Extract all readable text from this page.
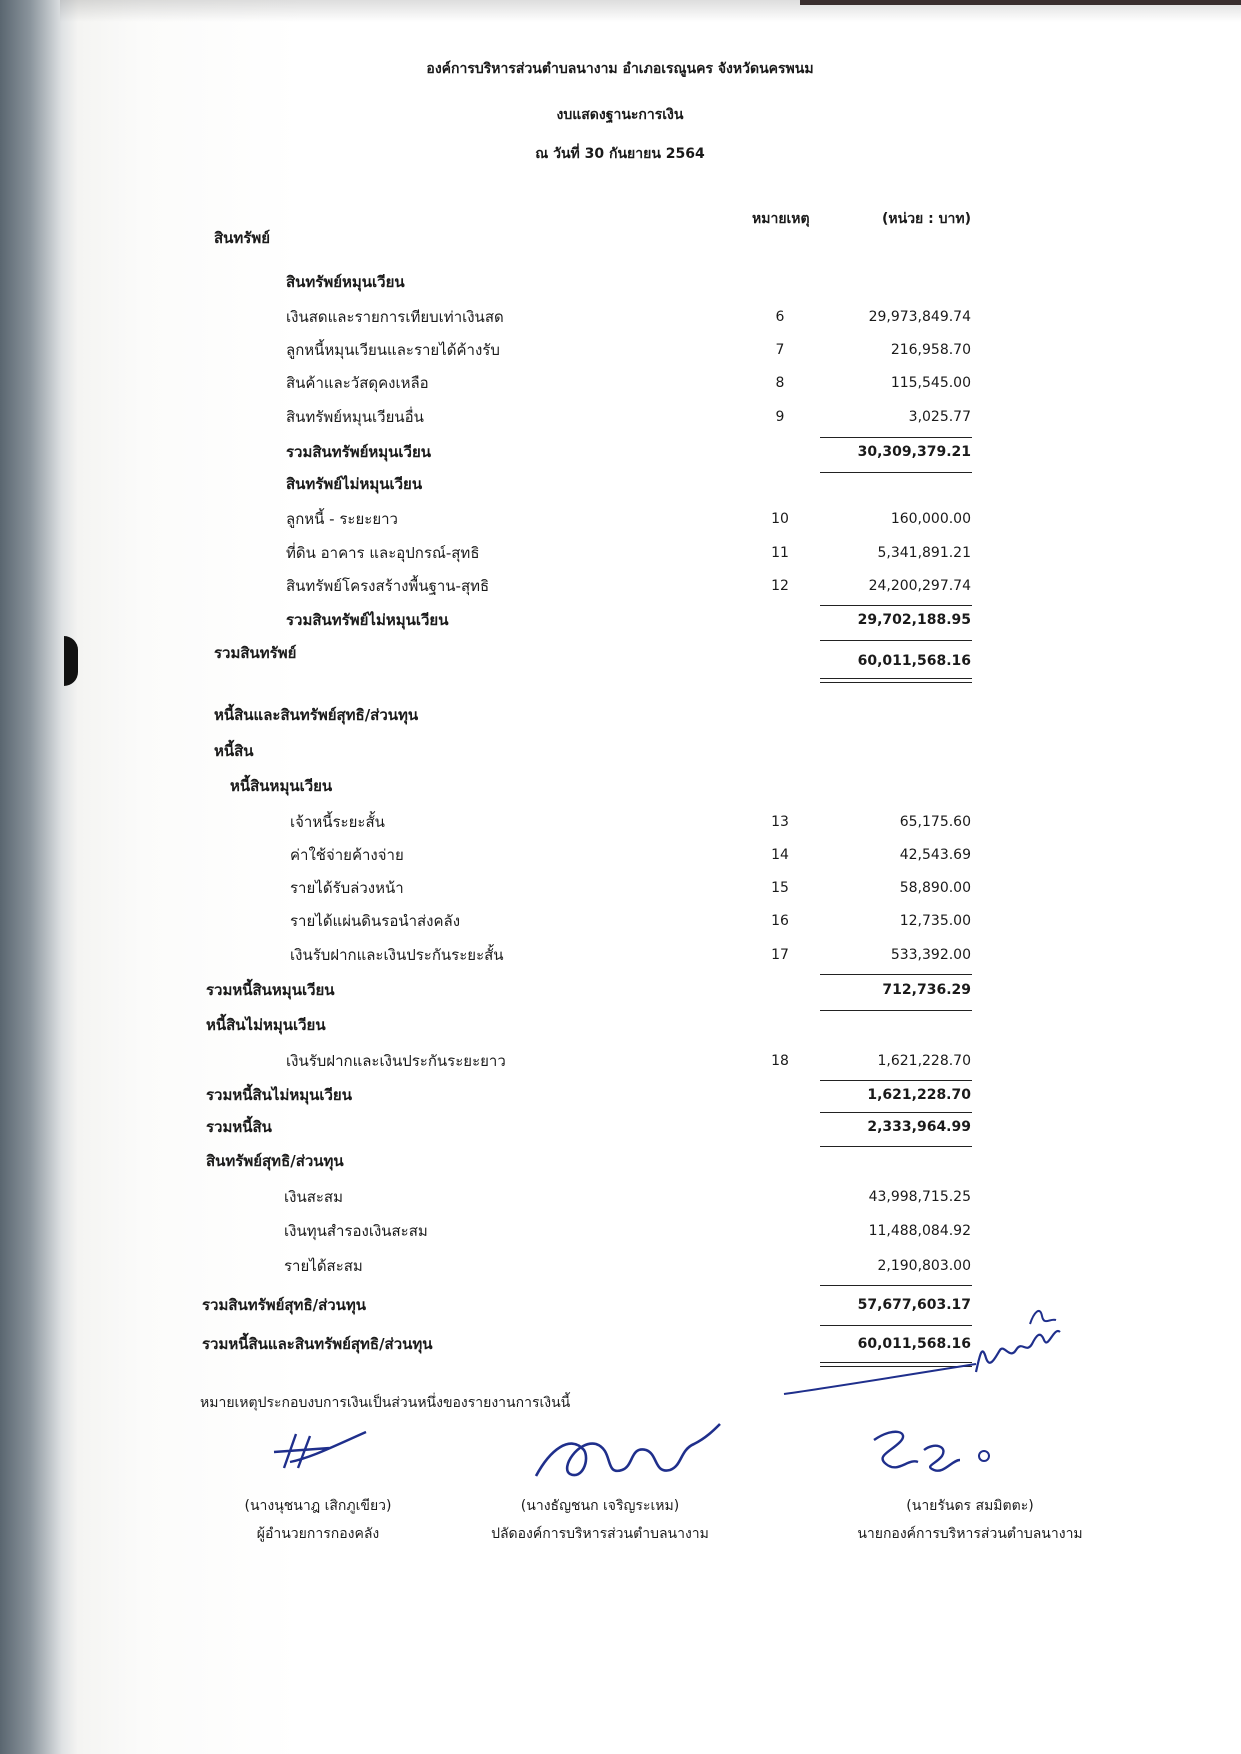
องค์การบริหารส่วนตำบลนางาม อำเภอเรณูนคร จังหวัดนครพนม
งบแสดงฐานะการเงิน
ณ วันที่ 30 กันยายน 2564
หมายเหตุ	(หน่วย : บาท)
สินทรัพย์
สินทรัพย์หมุนเวียน
เงินสดและรายการเทียบเท่าเงินสด	6	29,973,849.74
ลูกหนี้หมุนเวียนและรายได้ค้างรับ	7	216,958.70
สินค้าและวัสดุคงเหลือ	8	115,545.00
สินทรัพย์หมุนเวียนอื่น	9	3,025.77
รวมสินทรัพย์หมุนเวียน	30,309,379.21
สินทรัพย์ไม่หมุนเวียน
ลูกหนี้ - ระยะยาว	10	160,000.00
ที่ดิน อาคาร และอุปกรณ์-สุทธิ	11	5,341,891.21
สินทรัพย์โครงสร้างพื้นฐาน-สุทธิ	12	24,200,297.74
รวมสินทรัพย์ไม่หมุนเวียน	29,702,188.95
รวมสินทรัพย์	60,011,568.16
หนี้สินและสินทรัพย์สุทธิ/ส่วนทุน
หนี้สิน
หนี้สินหมุนเวียน
เจ้าหนี้ระยะสั้น	13	65,175.60
ค่าใช้จ่ายค้างจ่าย	14	42,543.69
รายได้รับล่วงหน้า	15	58,890.00
รายได้แผ่นดินรอนำส่งคลัง	16	12,735.00
เงินรับฝากและเงินประกันระยะสั้น	17	533,392.00
รวมหนี้สินหมุนเวียน	712,736.29
หนี้สินไม่หมุนเวียน
เงินรับฝากและเงินประกันระยะยาว	18	1,621,228.70
รวมหนี้สินไม่หมุนเวียน	1,621,228.70
รวมหนี้สิน	2,333,964.99
สินทรัพย์สุทธิ/ส่วนทุน
เงินสะสม	43,998,715.25
เงินทุนสำรองเงินสะสม	11,488,084.92
รายได้สะสม	2,190,803.00
รวมสินทรัพย์สุทธิ/ส่วนทุน	57,677,603.17
รวมหนี้สินและสินทรัพย์สุทธิ/ส่วนทุน	60,011,568.16
หมายเหตุประกอบงบการเงินเป็นส่วนหนึ่งของรายงานการเงินนี้
(นางนุชนาฎ เสิกภูเขียว)
ผู้อำนวยการกองคลัง
(นางธัญชนก เจริญระเหม)
ปลัดองค์การบริหารส่วนตำบลนางาม
(นายรันดร สมมิตตะ)
นายกองค์การบริหารส่วนตำบลนางาม
